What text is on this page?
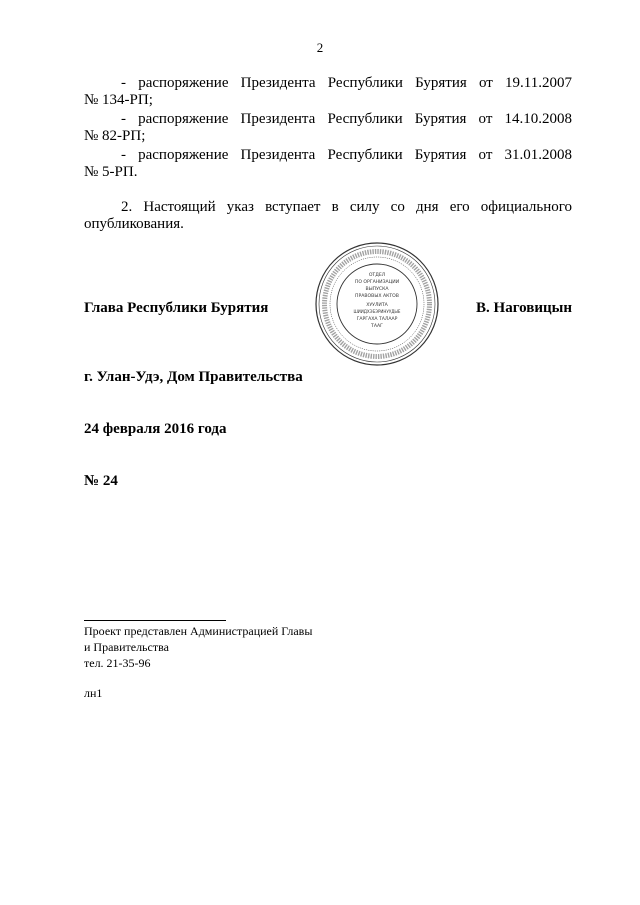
2
- распоряжение Президента Республики Бурятия от 19.11.2007
№ 134-РП;
- распоряжение Президента Республики Бурятия от 14.10.2008
№ 82-РП;
- распоряжение Президента Республики Бурятия от 31.01.2008
№ 5-РП.
2. Настоящий указ вступает в силу со дня его официального
опубликования.
ОТДЕЛ
ПО ОРГАНИЗАЦИИ
ВЫПУСКА
ПРАВОВЫХ АКТОВ
ХУУЛИТА
ШИИДХЭБЭРИНУУДЫЕ
ГАРГАХА ТАЛААР
ТААГ
Глава Республики Бурятия	В. Наговицын
г. Улан-Удэ, Дом Правительства
24 февраля 2016 года
№ 24
Проект представлен Администрацией Главы
и Правительства
тел. 21-35-96
лн1
